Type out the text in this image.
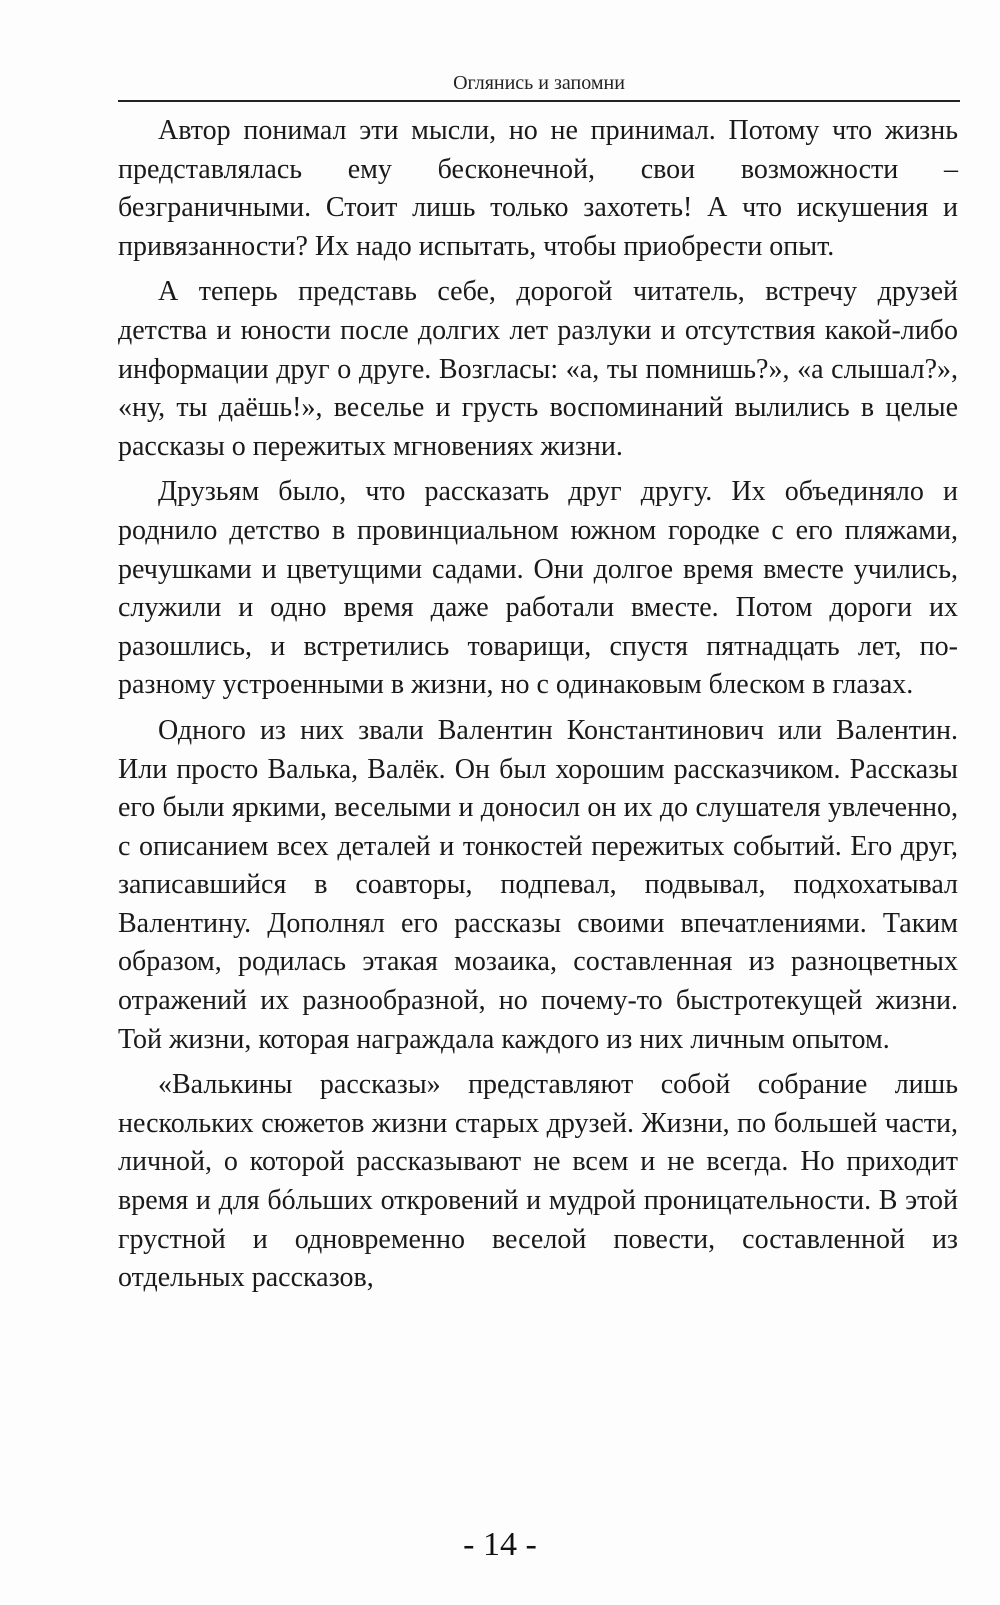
Оглянись и запомни

Автор понимал эти мысли, но не принимал. Потому что жизнь представлялась ему бесконечной, свои возможности – безграничными. Стоит лишь только захотеть! А что искушения и привязанности? Их надо испытать, чтобы приобрести опыт.

А теперь представь себе, дорогой читатель, встречу друзей детства и юности после долгих лет разлуки и отсутствия какой-либо информации друг о друге. Возгласы: «а, ты помнишь?», «а слышал?», «ну, ты даёшь!», веселье и грусть воспоминаний вылились в целые рассказы о пережитых мгновениях жизни.

Друзьям было, что рассказать друг другу. Их объединяло и роднило детство в провинциальном южном городке с его пляжами, речушками и цветущими садами. Они долгое время вместе учились, служили и одно время даже работали вместе. Потом дороги их разошлись, и встретились товарищи, спустя пятнадцать лет, по-разному устроенными в жизни, но с одинаковым блеском в глазах.

Одного из них звали Валентин Константинович или Валентин. Или просто Валька, Валёк. Он был хорошим рассказчиком. Рассказы его были яркими, веселыми и доносил он их до слушателя увлеченно, с описанием всех деталей и тонкостей пережитых событий. Его друг, записавшийся в соавторы, подпевал, подвывал, подхохатывал Валентину. Дополнял его рассказы своими впечатлениями. Таким образом, родилась этакая мозаика, составленная из разноцветных отражений их разнообразной, но почему-то быстротекущей жизни. Той жизни, которая награждала каждого из них личным опытом.

«Валькины рассказы» представляют собой собрание лишь нескольких сюжетов жизни старых друзей. Жизни, по большей части, личной, о которой рассказывают не всем и не всегда. Но приходит время и для бóльших откровений и мудрой проницательности. В этой грустной и одновременно веселой повести, составленной из отдельных рассказов,

- 14 -
